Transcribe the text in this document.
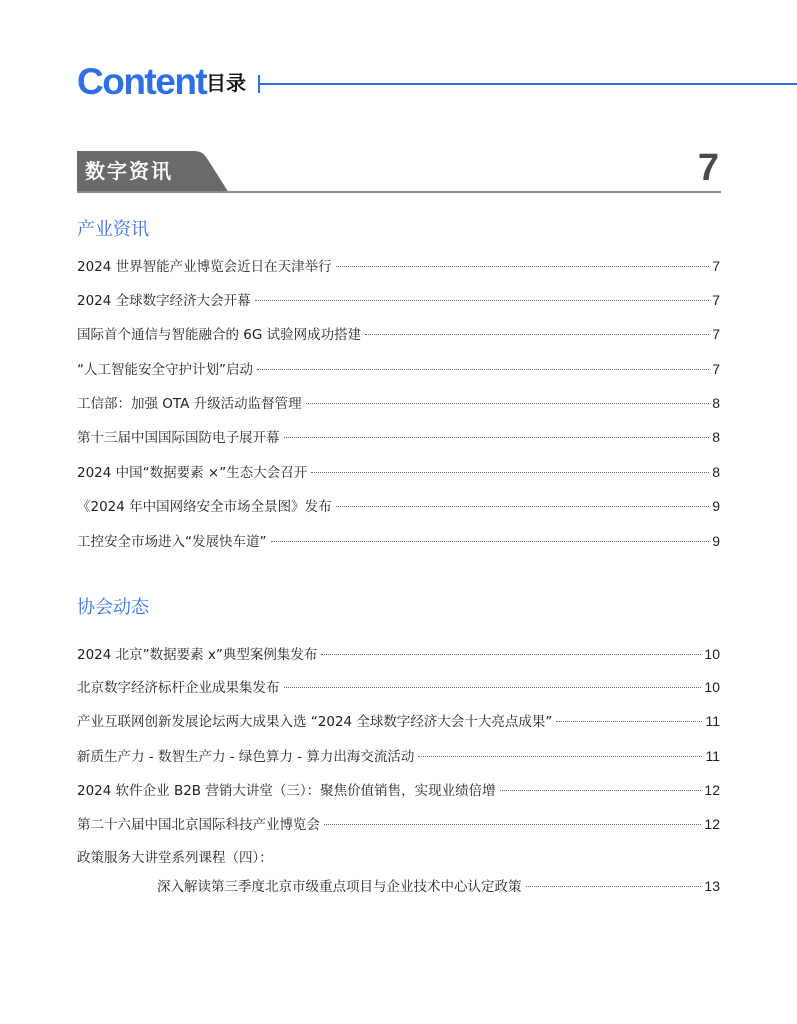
Content 目录
数字资讯	7
产业资讯
2024 世界智能产业博览会近日在天津举行	7
2024 全球数字经济大会开幕	7
国际首个通信与智能融合的 6G 试验网成功搭建	7
“人工智能安全守护计划”启动	7
工信部：加强 OTA 升级活动监督管理	8
第十三届中国国际国防电子展开幕	8
2024 中国“数据要素 ×”生态大会召开	8
《2024 年中国网络安全市场全景图》发布	9
工控安全市场进入“发展快车道”	9
协会动态
2024 北京”数据要素 x”典型案例集发布	10
北京数字经济标杆企业成果集发布	10
产业互联网创新发展论坛两大成果入选 “2024 全球数字经济大会十大亮点成果”	11
新质生产力 - 数智生产力 - 绿色算力 - 算力出海交流活动	11
2024 软件企业 B2B 营销大讲堂（三）：聚焦价值销售，实现业绩倍增	12
第二十六届中国北京国际科技产业博览会	12
政策服务大讲堂系列课程（四）：
深入解读第三季度北京市级重点项目与企业技术中心认定政策	13
